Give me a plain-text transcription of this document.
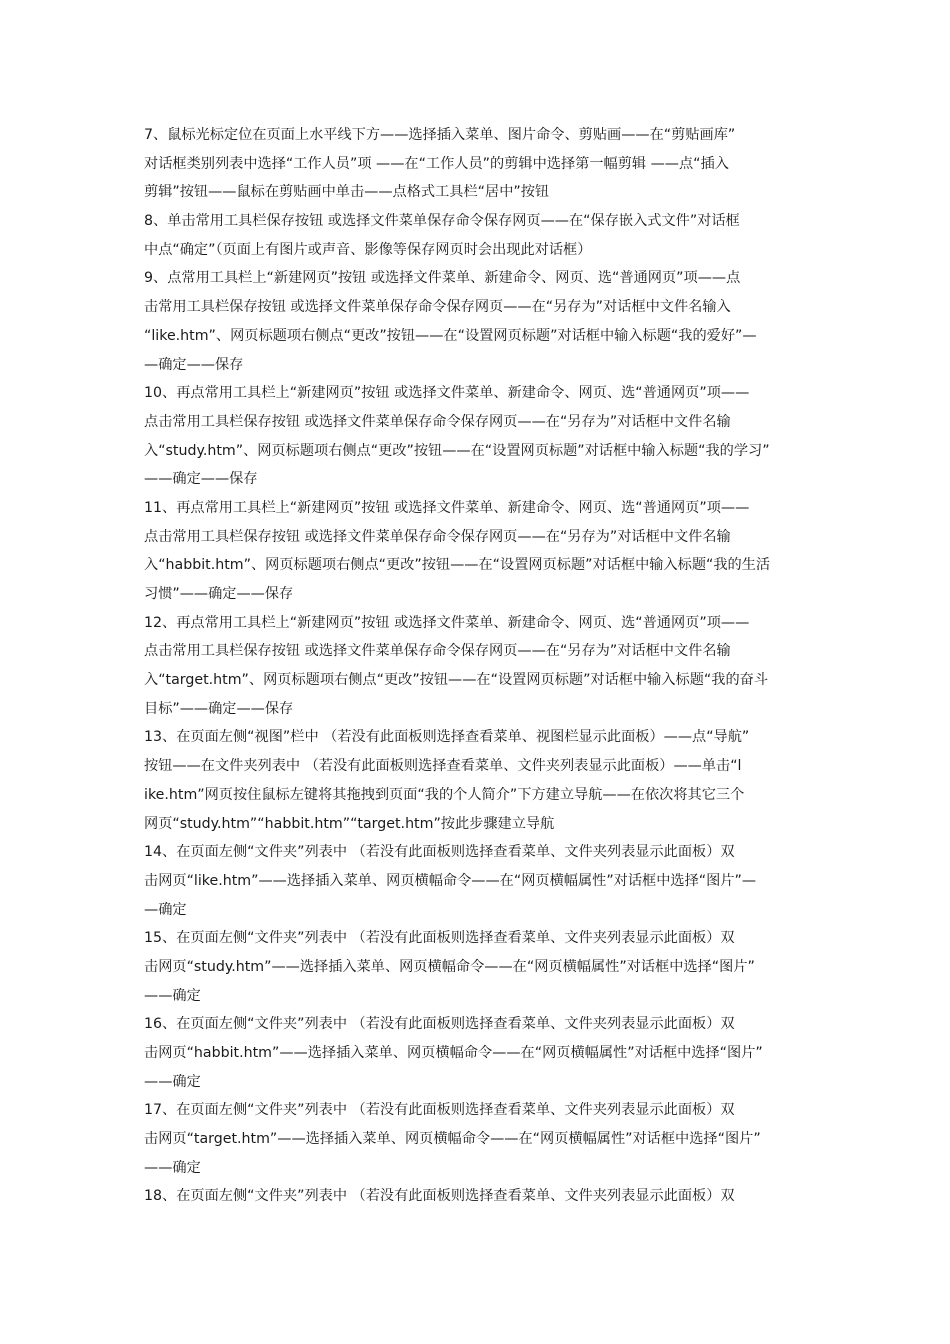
7、鼠标光标定位在页面上水平线下方——选择插入菜单、图片命令、剪贴画——在“剪贴画库”
对话框类别列表中选择“工作人员”项 ——在“工作人员”的剪辑中选择第一幅剪辑 ——点“插入
剪辑”按钮——鼠标在剪贴画中单击——点格式工具栏“居中”按钮
8、单击常用工具栏保存按钮 或选择文件菜单保存命令保存网页——在“保存嵌入式文件”对话框
中点“确定”（页面上有图片或声音、影像等保存网页时会出现此对话框）
9、点常用工具栏上“新建网页”按钮 或选择文件菜单、新建命令、网页、选“普通网页”项——点
击常用工具栏保存按钮 或选择文件菜单保存命令保存网页——在“另存为”对话框中文件名输入
“like.htm”、网页标题项右侧点“更改”按钮——在“设置网页标题”对话框中输入标题“我的爱好”—
—确定——保存
10、再点常用工具栏上“新建网页”按钮 或选择文件菜单、新建命令、网页、选“普通网页”项——
点击常用工具栏保存按钮 或选择文件菜单保存命令保存网页——在“另存为”对话框中文件名输
入“study.htm”、网页标题项右侧点“更改”按钮——在“设置网页标题”对话框中输入标题“我的学习”
——确定——保存
11、再点常用工具栏上“新建网页”按钮 或选择文件菜单、新建命令、网页、选“普通网页”项——
点击常用工具栏保存按钮 或选择文件菜单保存命令保存网页——在“另存为”对话框中文件名输
入“habbit.htm”、网页标题项右侧点“更改”按钮——在“设置网页标题”对话框中输入标题“我的生活
习惯”——确定——保存
12、再点常用工具栏上“新建网页”按钮 或选择文件菜单、新建命令、网页、选“普通网页”项——
点击常用工具栏保存按钮 或选择文件菜单保存命令保存网页——在“另存为”对话框中文件名输
入“target.htm”、网页标题项右侧点“更改”按钮——在“设置网页标题”对话框中输入标题“我的奋斗
目标”——确定——保存
13、在页面左侧“视图”栏中 （若没有此面板则选择查看菜单、视图栏显示此面板）——点“导航”
按钮——在文件夹列表中 （若没有此面板则选择查看菜单、文件夹列表显示此面板）——单击“l
ike.htm”网页按住鼠标左键将其拖拽到页面“我的个人简介”下方建立导航——在依次将其它三个
网页“study.htm”“habbit.htm”“target.htm”按此步骤建立导航
14、在页面左侧“文件夹”列表中 （若没有此面板则选择查看菜单、文件夹列表显示此面板）双
击网页“like.htm”——选择插入菜单、网页横幅命令——在“网页横幅属性”对话框中选择“图片”—
—确定
15、在页面左侧“文件夹”列表中 （若没有此面板则选择查看菜单、文件夹列表显示此面板）双
击网页“study.htm”——选择插入菜单、网页横幅命令——在“网页横幅属性”对话框中选择“图片”
——确定
16、在页面左侧“文件夹”列表中 （若没有此面板则选择查看菜单、文件夹列表显示此面板）双
击网页“habbit.htm”——选择插入菜单、网页横幅命令——在“网页横幅属性”对话框中选择“图片”
——确定
17、在页面左侧“文件夹”列表中 （若没有此面板则选择查看菜单、文件夹列表显示此面板）双
击网页“target.htm”——选择插入菜单、网页横幅命令——在“网页横幅属性”对话框中选择“图片”
——确定
18、在页面左侧“文件夹”列表中 （若没有此面板则选择查看菜单、文件夹列表显示此面板）双
